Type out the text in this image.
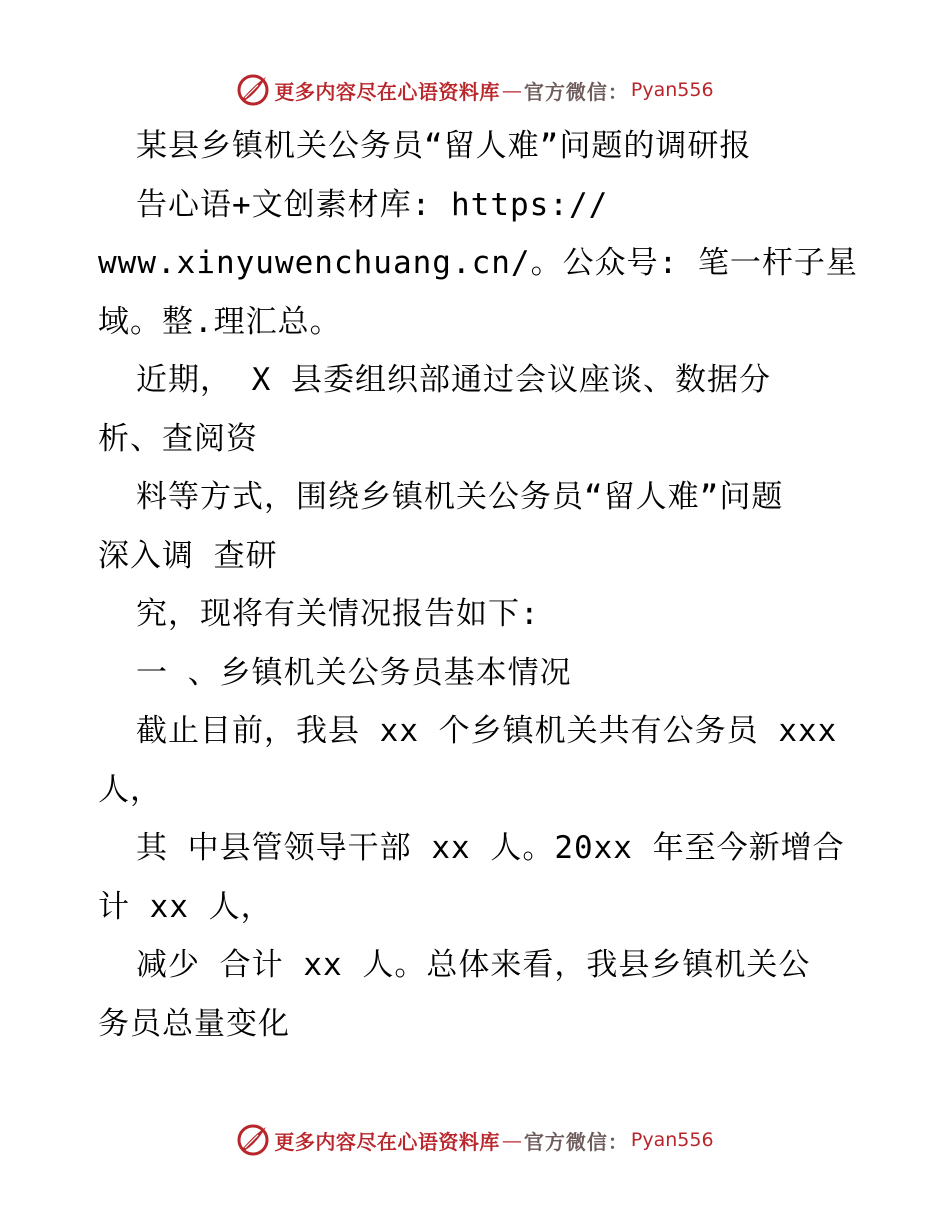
更多内容尽在心语资料库 — 官方微信： Pyan556
某县乡镇机关公务员“留人难”问题的调研报
告心语+文创素材库: https://
www.xinyuwenchuang.cn/。公众号: 笔一杆子星
域。整.理汇总。
近期， X 县委组织部通过会议座谈、数据分
析、查阅资
料等方式，围绕乡镇机关公务员“留人难”问题
深入调 查研
究，现将有关情况报告如下:
一 、乡镇机关公务员基本情况
截止目前，我县 xx 个乡镇机关共有公务员 xxx
人，
其 中县管领导干部 xx 人。20xx 年至今新增合
计 xx 人，
减少 合计 xx 人。总体来看，我县乡镇机关公
务员总量变化
更多内容尽在心语资料库 — 官方微信： Pyan556
